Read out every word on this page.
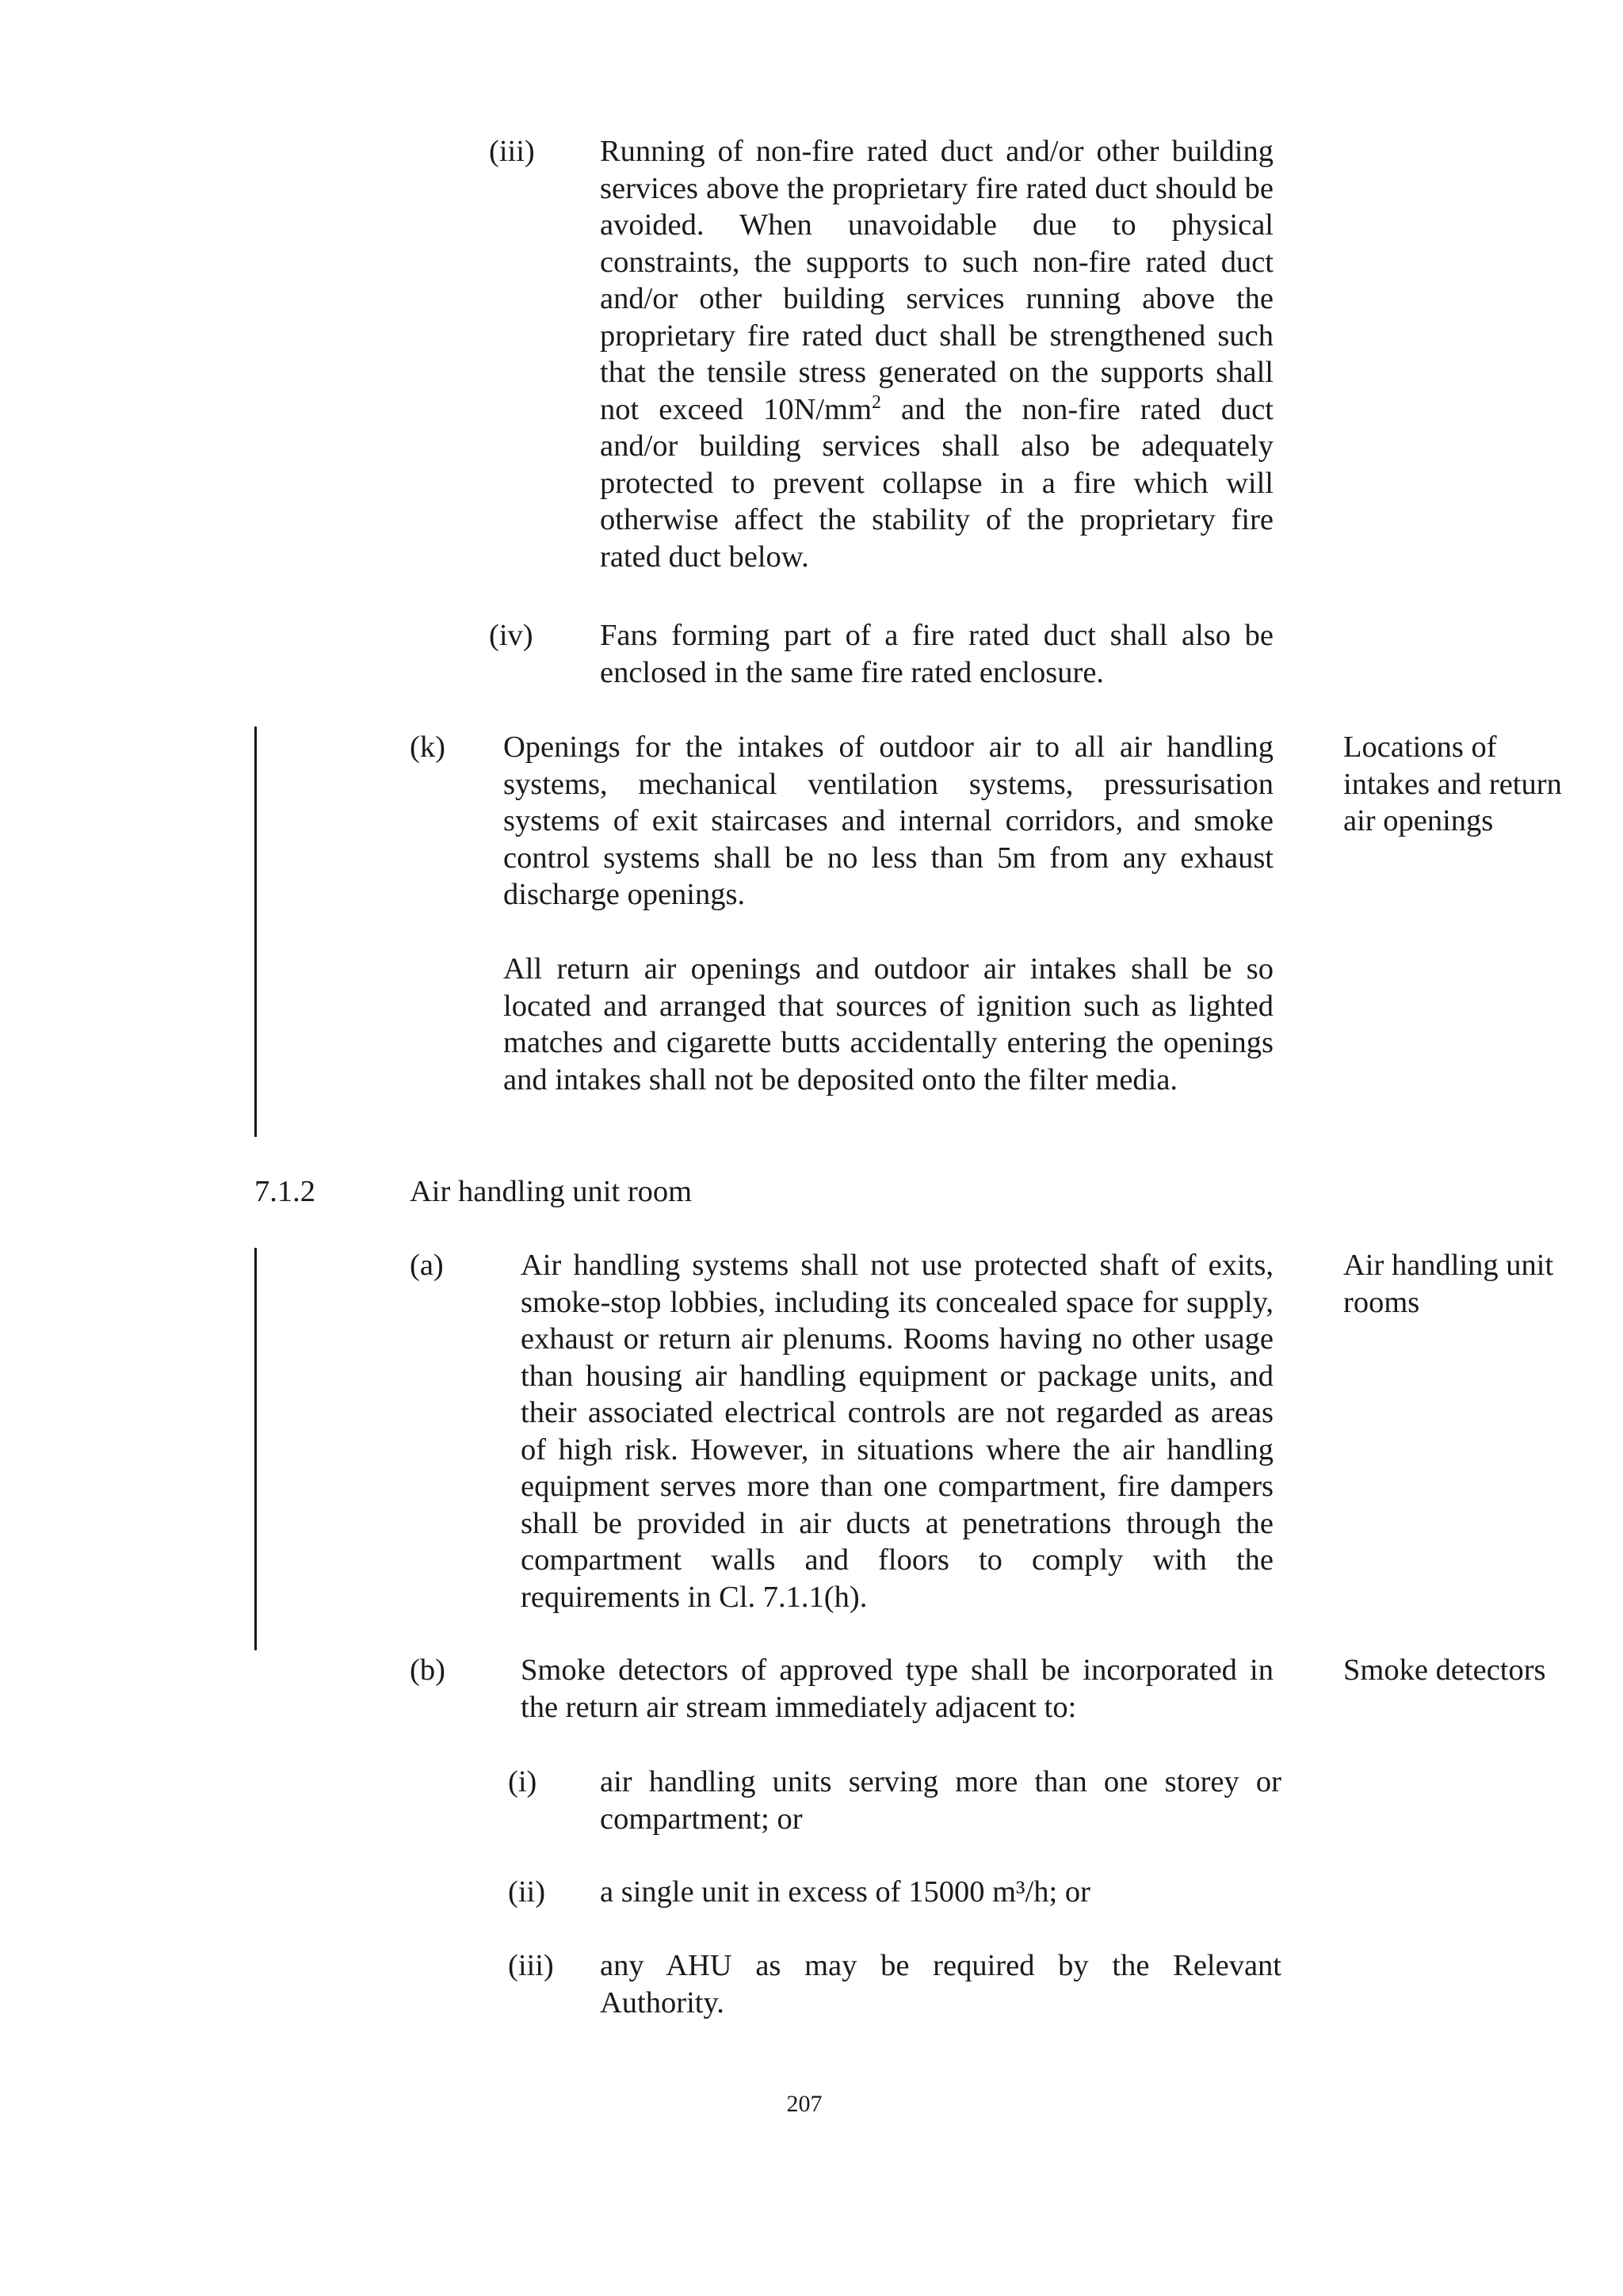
(iii) Running of non-fire rated duct and/or other building services above the proprietary fire rated duct should be avoided. When unavoidable due to physical constraints, the supports to such non-fire rated duct and/or other building services running above the proprietary fire rated duct shall be strengthened such that the tensile stress generated on the supports shall not exceed $10N/mm^2$ and the non-fire rated duct and/or building services shall also be adequately protected to prevent collapse in a fire which will otherwise affect the stability of the proprietary fire rated duct below.

(iv) Fans forming part of a fire rated duct shall also be enclosed in the same fire rated enclosure.

(k) Openings for the intakes of outdoor air to all air handling systems, mechanical ventilation systems, pressurisation systems of exit staircases and internal corridors, and smoke control systems shall be no less than 5m from any exhaust discharge openings.

All return air openings and outdoor air intakes shall be so located and arranged that sources of ignition such as lighted matches and cigarette butts accidentally entering the openings and intakes shall not be deposited onto the filter media.

Locations of intakes and return air openings
7.1.2	Air handling unit room
(a)	Air handling systems shall not use protected shaft of exits, smoke-stop lobbies, including its concealed space for supply, exhaust or return air plenums. Rooms having no other usage than housing air handling equipment or package units, and their associated electrical controls are not regarded as areas of high risk. However, in situations where the air handling equipment serves more than one compartment, fire dampers shall be provided in air ducts at penetrations through the compartment walls and floors to comply with the requirements in Cl. 7.1.1(h).

Air handling unit rooms
(b) Smoke detectors of approved type shall be incorporated in the return air stream immediately adjacent to:

Smoke detectors
(i) air handling units serving more than one storey or compartment; or

(ii) a single unit in excess of 15000 m³/h; or

(iii) any AHU as may be required by the Relevant Authority.

207
